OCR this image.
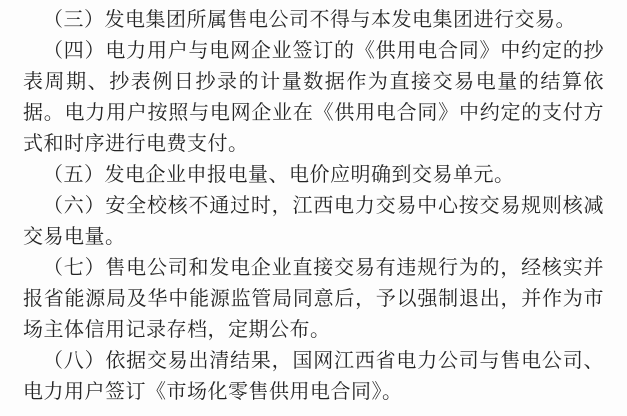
（三）发电集团所属售电公司不得与本发电集团进行交易。

（四）电力用户与电网企业签订的《供用电合同》中约定的抄表周期、抄表例日抄录的计量数据作为直接交易电量的结算依据。电力用户按照与电网企业在《供用电合同》中约定的支付方式和时序进行电费支付。

（五）发电企业申报电量、电价应明确到交易单元。

（六）安全校核不通过时，江西电力交易中心按交易规则核减交易电量。

（七）售电公司和发电企业直接交易有违规行为的，经核实并报省能源局及华中能源监管局同意后，予以强制退出，并作为市场主体信用记录存档，定期公布。

（八）依据交易出清结果，国网江西省电力公司与售电公司、电力用户签订《市场化零售供用电合同》。
